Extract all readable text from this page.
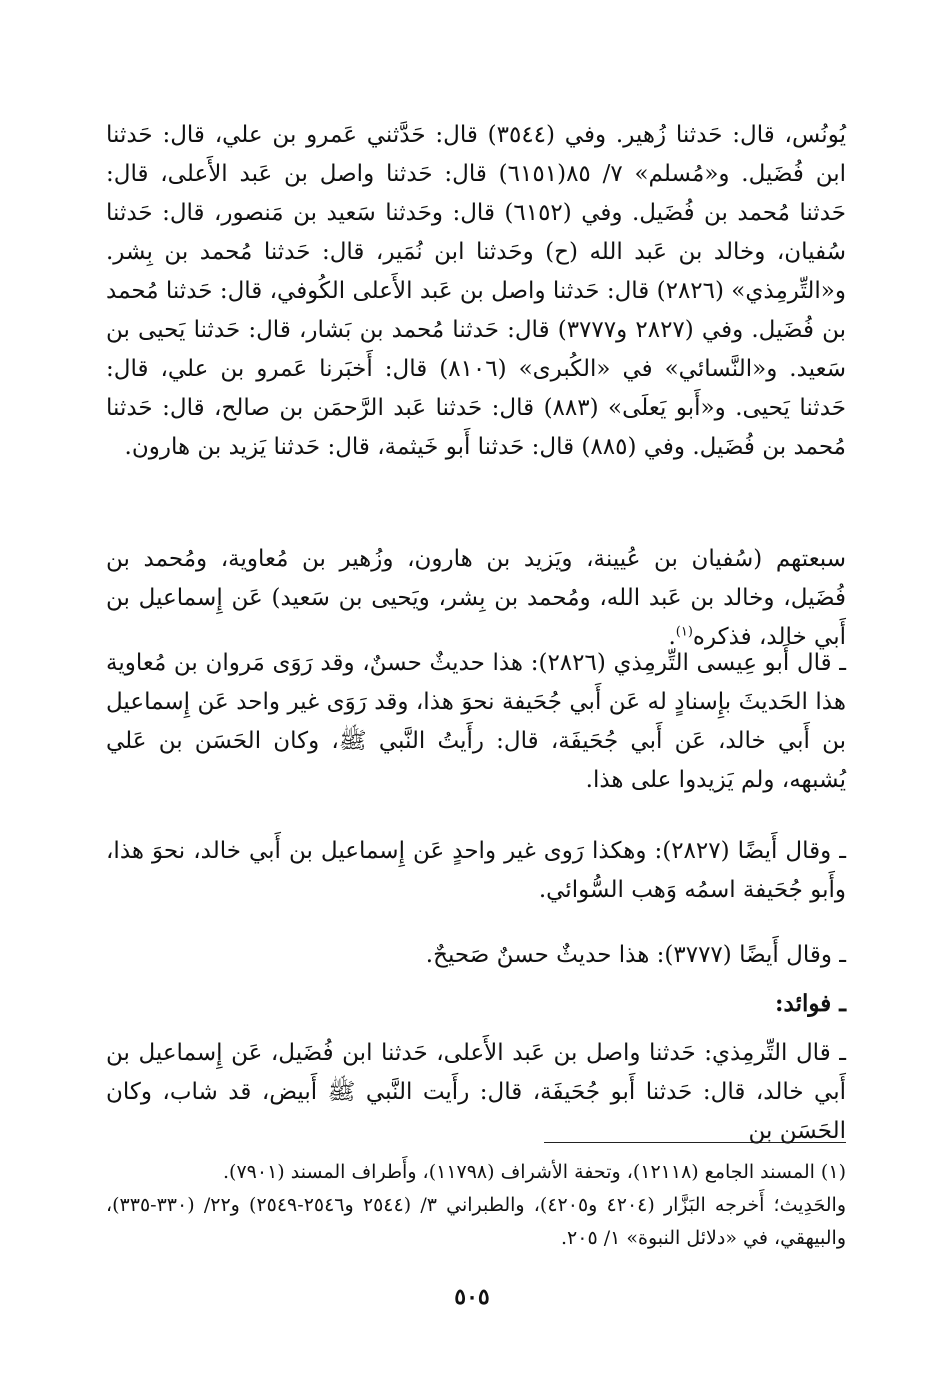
يُونُس، قال: حَدثنا زُهير. وفي (٣٥٤٤) قال: حَدَّثني عَمرو بن علي، قال: حَدثنا ابن فُضَيل. و«مُسلم» ٧/ ٨٥(٦١٥١) قال: حَدثنا واصل بن عَبد الأَعلى، قال: حَدثنا مُحمد بن فُضَيل. وفي (٦١٥٢) قال: وحَدثنا سَعيد بن مَنصور، قال: حَدثنا سُفيان، وخالد بن عَبد الله (ح) وحَدثنا ابن نُمَير، قال: حَدثنا مُحمد بن بِشر. و«التِّرمِذي» (٢٨٢٦) قال: حَدثنا واصل بن عَبد الأَعلى الكُوفي، قال: حَدثنا مُحمد بن فُضَيل. وفي (٢٨٢٧ و٣٧٧٧) قال: حَدثنا مُحمد بن بَشار، قال: حَدثنا يَحيى بن سَعيد. و«النَّسائي» في «الكُبرى» (٨١٠٦) قال: أَخبَرنا عَمرو بن علي، قال: حَدثنا يَحيى. و«أَبو يَعلَى» (٨٨٣) قال: حَدثنا عَبد الرَّحمَن بن صالح، قال: حَدثنا مُحمد بن فُضَيل. وفي (٨٨٥) قال: حَدثنا أَبو خَيثمة، قال: حَدثنا يَزيد بن هارون.

سبعتهم (سُفيان بن عُيينة، ويَزيد بن هارون، وزُهير بن مُعاوية، ومُحمد بن فُضَيل، وخالد بن عَبد الله، ومُحمد بن بِشر، ويَحيى بن سَعيد) عَن إِسماعيل بن أَبي خالد، فذكره$^{(١)}$.

ـ قال أَبو عِيسى التِّرمِذي (٢٨٢٦): هذا حديثٌ حسنٌ، وقد رَوَى مَروان بن مُعاوية هذا الحَديثَ بإِسنادٍ له عَن أَبي جُحَيفة نحوَ هذا، وقد رَوَى غير واحد عَن إِسماعيل بن أَبي خالد، عَن أَبي جُحَيفَة، قال: رأَيتُ النَّبي ﷺ، وكان الحَسَن بن عَلي يُشبهه، ولم يَزيدوا على هذا.

ـ وقال أَيضًا (٢٨٢٧): وهكذا رَوى غير واحدٍ عَن إِسماعيل بن أَبي خالد، نحوَ هذا، وأَبو جُحَيفة اسمُه وَهب السُّوائي.

ـ وقال أَيضًا (٣٧٧٧): هذا حديثٌ حسنٌ صَحيحٌ.

ـ فوائد:

ـ قال التِّرمِذي: حَدثنا واصل بن عَبد الأَعلى، حَدثنا ابن فُضَيل، عَن إِسماعيل بن أَبي خالد، قال: حَدثنا أَبو جُحَيفَة، قال: رأَيت النَّبي ﷺ أَبيض، قد شاب، وكان الحَسَن بن

(١) المسند الجامع (١٢١١٨)، وتحفة الأشراف (١١٧٩٨)، وأَطراف المسند (٧٩٠١).

والحَدِيث؛ أَخرجه البَزَّار (٤٢٠٤ و٤٢٠٥)، والطبراني ٣/ (٢٥٤٤ و٢٥٤٦-٢٥٤٩) و٢٢/ (٣٣٠-٣٣٥)، والبيهقي، في «دلائل النبوة» ١/ ٢٠٥.

٥٠٥
